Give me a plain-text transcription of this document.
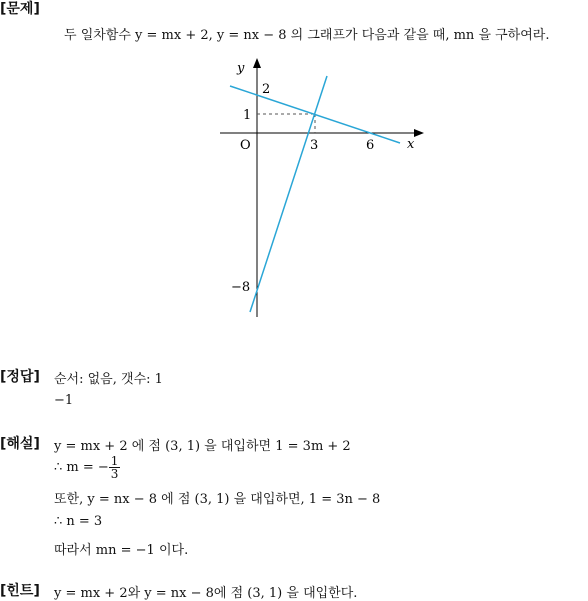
[문제]
두 일차함수 y = mx + 2, y = nx − 8 의 그래프가 다음과 같을 때, mn 을 구하여라.
y
x
O
2
1
3	6
−8
[정답] 순서: 없음, 갯수: 1
−1
[해설] y = mx + 2 에 점 (3, 1) 을 대입하면 1 = 3m + 2
∴ m = − $\frac{1}{3}$
또한, y = nx − 8 에 점 (3, 1) 을 대입하면, 1 = 3n − 8
∴ n = 3
따라서 mn = −1 이다.
[힌트] y = mx + 2와 y = nx − 8에 점 (3, 1) 을 대입한다.
